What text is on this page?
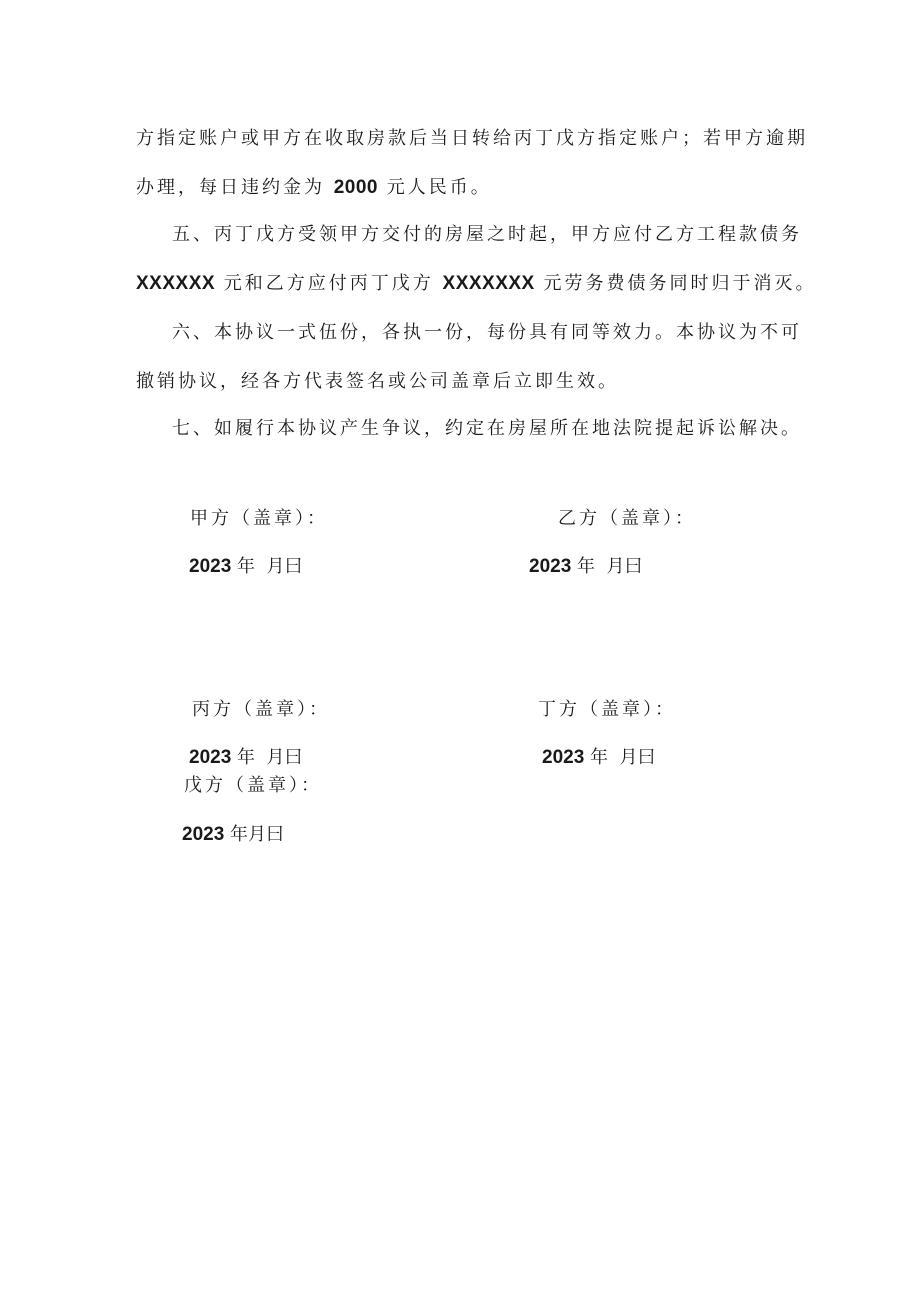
方指定账户或甲方在收取房款后当日转给丙丁戊方指定账户；若甲方逾期

办理，每日违约金为 2000 元人民币。

五、丙丁戊方受领甲方交付的房屋之时起，甲方应付乙方工程款债务

XXXXXX 元和乙方应付丙丁戊方 XXXXXXX 元劳务费债务同时归于消灭。

六、本协议一式伍份，各执一份，每份具有同等效力。本协议为不可

撤销协议，经各方代表签名或公司盖章后立即生效。

七、如履行本协议产生争议，约定在房屋所在地法院提起诉讼解决。

甲方（盖章）：	乙方（盖章）：
2023 年  月曰	2023 年  月曰
丙方（盖章）：	丁方（盖章）：
2023 年  月曰	2023 年  月曰
戊方（盖章）：
2023 年月曰
